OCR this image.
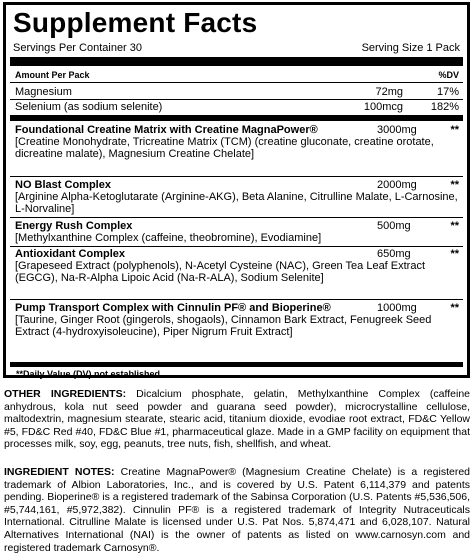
Supplement Facts
Servings Per Container 30	Serving Size 1 Pack
Amount Per Pack	%DV
Magnesium	72mg	17%
Selenium (as sodium selenite)	100mcg	182%
Foundational Creatine Matrix with Creatine MagnaPower®	3000mg	**
[Creatine Monohydrate, Tricreatine Matrix (TCM) (creatine gluconate, creatine orotate, dicreatine malate), Magnesium Creatine Chelate]
NO Blast Complex	2000mg	**
[Arginine Alpha-Ketoglutarate (Arginine-AKG), Beta Alanine, Citrulline Malate, L-Carnosine, L-Norvaline]
Energy Rush Complex	500mg	**
[Methylxanthine Complex (caffeine, theobromine), Evodiamine]
Antioxidant Complex	650mg	**
[Grapeseed Extract (polyphenols), N-Acetyl Cysteine (NAC), Green Tea Leaf Extract (EGCG), Na-R-Alpha Lipoic Acid (Na-R-ALA), Sodium Selenite]
Pump Transport Complex with Cinnulin PF® and Bioperine®	1000mg	**
[Taurine, Ginger Root (gingerols, shogaols), Cinnamon Bark Extract, Fenugreek Seed Extract (4-hydroxyisoleucine), Piper Nigrum Fruit Extract]
**Daily Value (DV) not established.
OTHER INGREDIENTS: Dicalcium phosphate, gelatin, Methylxanthine Complex (caffeine anhydrous, kola nut seed powder and guarana seed powder), microcrystalline cellulose, maltodextrin, magnesium stearate, stearic acid, titanium dioxide, evodiae root extract, FD&C Yellow #5, FD&C Red #40, FD&C Blue #1, pharmaceutical glaze. Made in a GMP facility on equipment that processes milk, soy, egg, peanuts, tree nuts, fish, shellfish, and wheat.
INGREDIENT NOTES: Creatine MagnaPower® (Magnesium Creatine Chelate) is a registered trademark of Albion Laboratories, Inc., and is covered by U.S. Patent 6,114,379 and patents pending. Bioperine® is a registered trademark of the Sabinsa Corporation (U.S. Patents #5,536,506, #5,744,161, #5,972,382). Cinnulin PF® is a registered trademark of Integrity Nutraceuticals International. Citrulline Malate is licensed under U.S. Pat Nos. 5,874,471 and 6,028,107. Natural Alternatives International (NAI) is the owner of patents as listed on www.carnosyn.com and registered trademark Carnosyn®.
